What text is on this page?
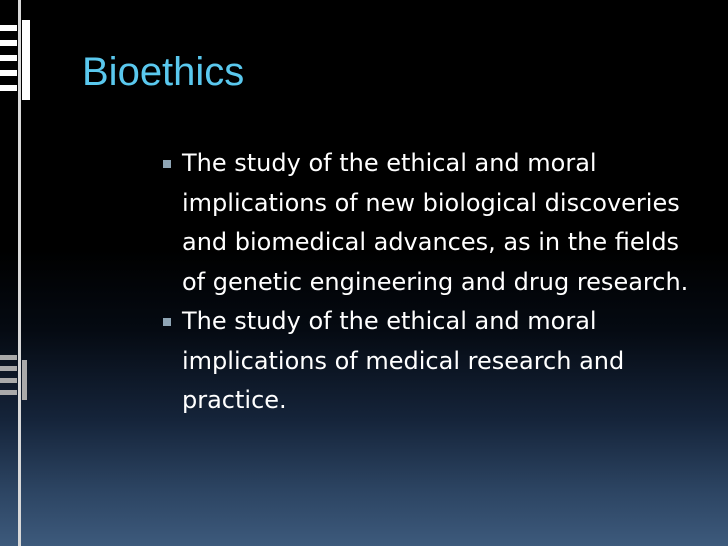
Bioethics
The study of the ethical and moral implications of new biological discoveries and biomedical advances, as in the fields of genetic engineering and drug research.
The study of the ethical and moral implications of medical research and practice.
